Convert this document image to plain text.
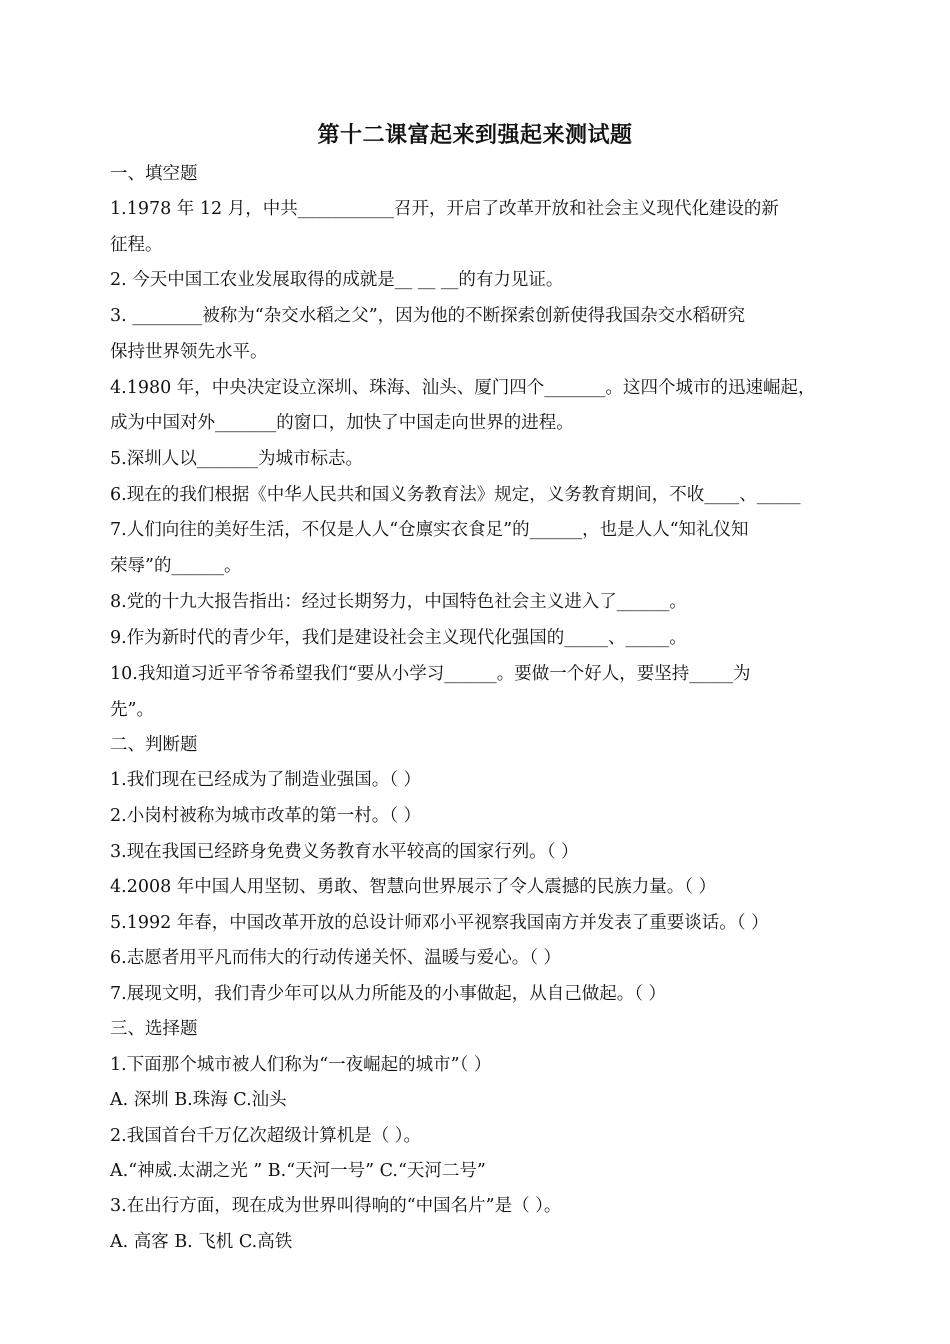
第十二课富起来到强起来测试题
一、填空题
1.1978 年 12 月，中共___________召开，开启了改革开放和社会主义现代化建设的新
征程。
2. 今天中国工农业发展取得的成就是__ __ __的有力见证。
3. ________被称为“杂交水稻之父”，因为他的不断探索创新使得我国杂交水稻研究
保持世界领先水平。
4.1980 年，中央决定设立深圳、珠海、汕头、厦门四个_______。这四个城市的迅速崛起，
成为中国对外_______的窗口，加快了中国走向世界的进程。
5.深圳人以_______为城市标志。
6.现在的我们根据《中华人民共和国义务教育法》规定，义务教育期间，不收____、_____
7.人们向往的美好生活，不仅是人人“仓廪实衣食足”的______，也是人人“知礼仪知
荣辱”的______。
8.党的十九大报告指出：经过长期努力，中国特色社会主义进入了______。
9.作为新时代的青少年，我们是建设社会主义现代化强国的_____、_____。
10.我知道习近平爷爷希望我们“要从小学习______。要做一个好人，要坚持_____为
先”。
二、判断题
1.我们现在已经成为了制造业强国。（ ）
2.小岗村被称为城市改革的第一村。（ ）
3.现在我国已经跻身免费义务教育水平较高的国家行列。（ ）
4.2008 年中国人用坚韧、勇敢、智慧向世界展示了令人震撼的民族力量。（ ）
5.1992 年春，中国改革开放的总设计师邓小平视察我国南方并发表了重要谈话。（ ）
6.志愿者用平凡而伟大的行动传递关怀、温暖与爱心。（ ）
7.展现文明，我们青少年可以从力所能及的小事做起，从自己做起。（ ）
三、选择题
1.下面那个城市被人们称为“一夜崛起的城市”（ ）
A. 深圳 B.珠海 C.汕头
2.我国首台千万亿次超级计算机是（ ）。
A.“神威.太湖之光 ” B.“天河一号” C.“天河二号”
3.在出行方面，现在成为世界叫得响的“中国名片”是（ ）。
A. 高客 B. 飞机 C.高铁
